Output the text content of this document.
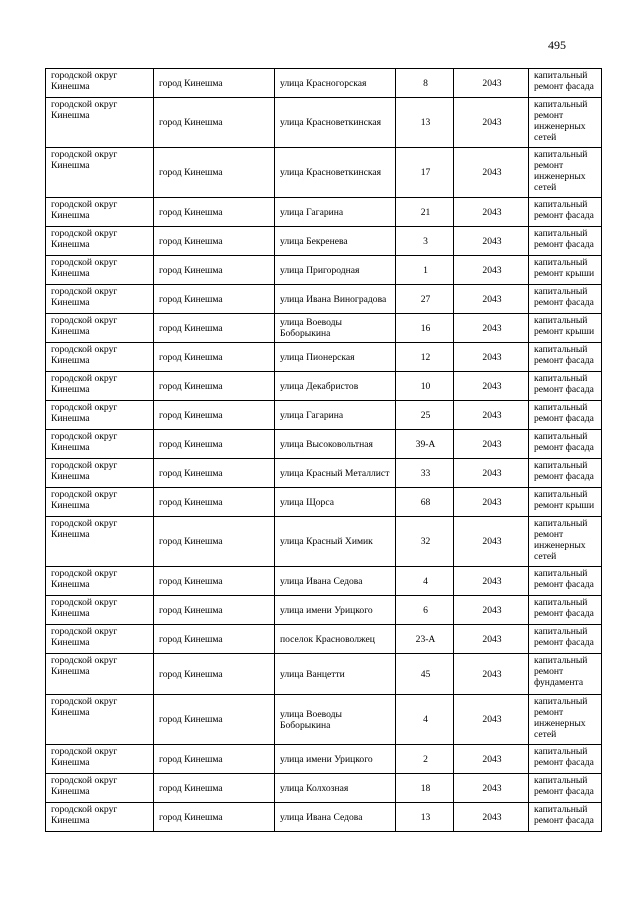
495
городской округ Кинешма	город Кинешма	улица Красногорская	8	2043	капитальный ремонт фасада
городской округ Кинешма	город Кинешма	улица Красноветкинская	13	2043	капитальный ремонт инженерных сетей
городской округ Кинешма	город Кинешма	улица Красноветкинская	17	2043	капитальный ремонт инженерных сетей
городской округ Кинешма	город Кинешма	улица Гагарина	21	2043	капитальный ремонт фасада
городской округ Кинешма	город Кинешма	улица Бекренева	3	2043	капитальный ремонт фасада
городской округ Кинешма	город Кинешма	улица Пригородная	1	2043	капитальный ремонт крыши
городской округ Кинешма	город Кинешма	улица Ивана Виноградова	27	2043	капитальный ремонт фасада
городской округ Кинешма	город Кинешма	улица Воеводы Боборыкина	16	2043	капитальный ремонт крыши
городской округ Кинешма	город Кинешма	улица Пионерская	12	2043	капитальный ремонт фасада
городской округ Кинешма	город Кинешма	улица Декабристов	10	2043	капитальный ремонт фасада
городской округ Кинешма	город Кинешма	улица Гагарина	25	2043	капитальный ремонт фасада
городской округ Кинешма	город Кинешма	улица Высоковольтная	39-А	2043	капитальный ремонт фасада
городской округ Кинешма	город Кинешма	улица Красный Металлист	33	2043	капитальный ремонт фасада
городской округ Кинешма	город Кинешма	улица Щорса	68	2043	капитальный ремонт крыши
городской округ Кинешма	город Кинешма	улица Красный Химик	32	2043	капитальный ремонт инженерных сетей
городской округ Кинешма	город Кинешма	улица Ивана Седова	4	2043	капитальный ремонт фасада
городской округ Кинешма	город Кинешма	улица имени Урицкого	6	2043	капитальный ремонт фасада
городской округ Кинешма	город Кинешма	поселок Красноволжец	23-А	2043	капитальный ремонт фасада
городской округ Кинешма	город Кинешма	улица Ванцетти	45	2043	капитальный ремонт фундамента
городской округ Кинешма	город Кинешма	улица Воеводы Боборыкина	4	2043	капитальный ремонт инженерных сетей
городской округ Кинешма	город Кинешма	улица имени Урицкого	2	2043	капитальный ремонт фасада
городской округ Кинешма	город Кинешма	улица Колхозная	18	2043	капитальный ремонт фасада
городской округ Кинешма	город Кинешма	улица Ивана Седова	13	2043	капитальный ремонт фасада
